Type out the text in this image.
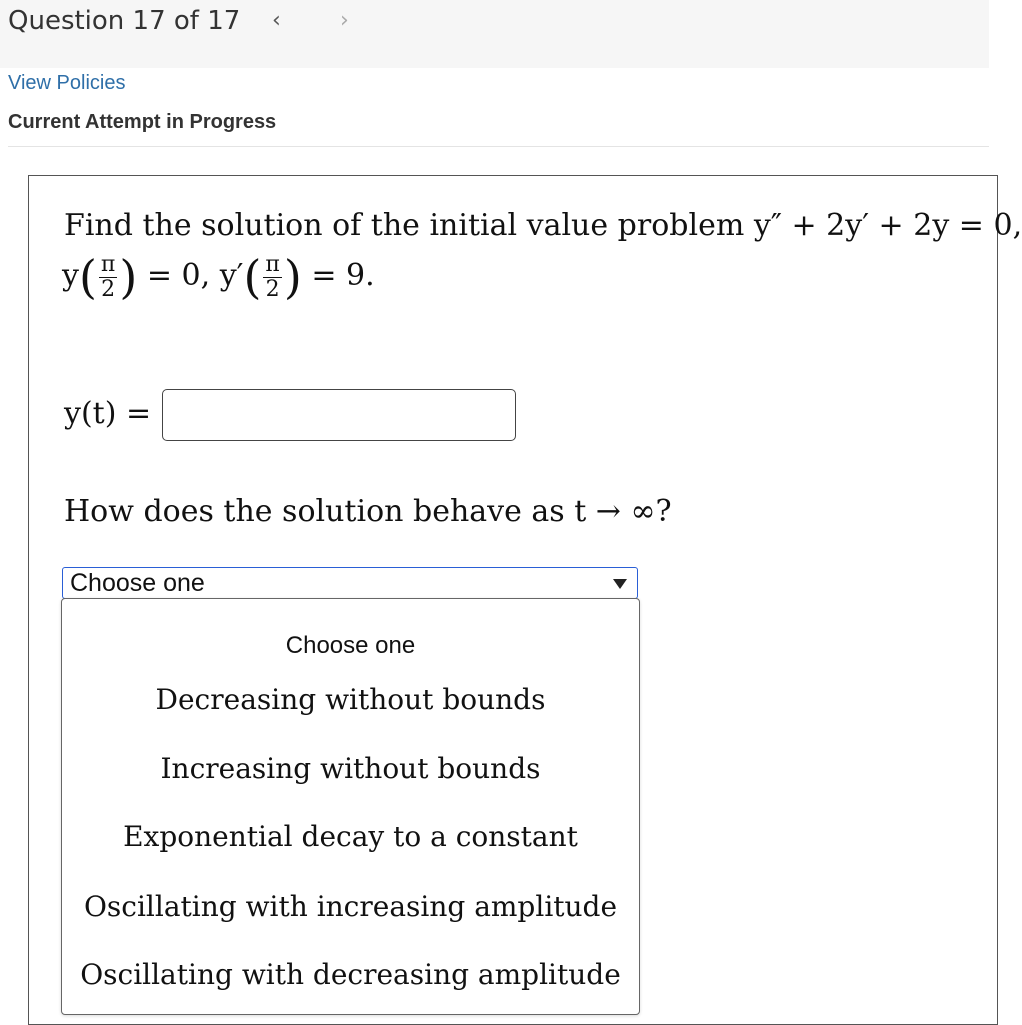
Question 17 of 17 ‹	›
View Policies
Current Attempt in Progress
Find the solution of the initial value problem y″ + 2y′ + 2y = 0,
$y( \frac{\pi}{2}$ ) = 0, $y'( \frac{\pi}{2}$ ) = 9.
y(t) =
How does the solution behave as t → ∞?
Choose one
Choose one
Decreasing without bounds
Increasing without bounds
Exponential decay to a constant
Oscillating with increasing amplitude
Oscillating with decreasing amplitude
